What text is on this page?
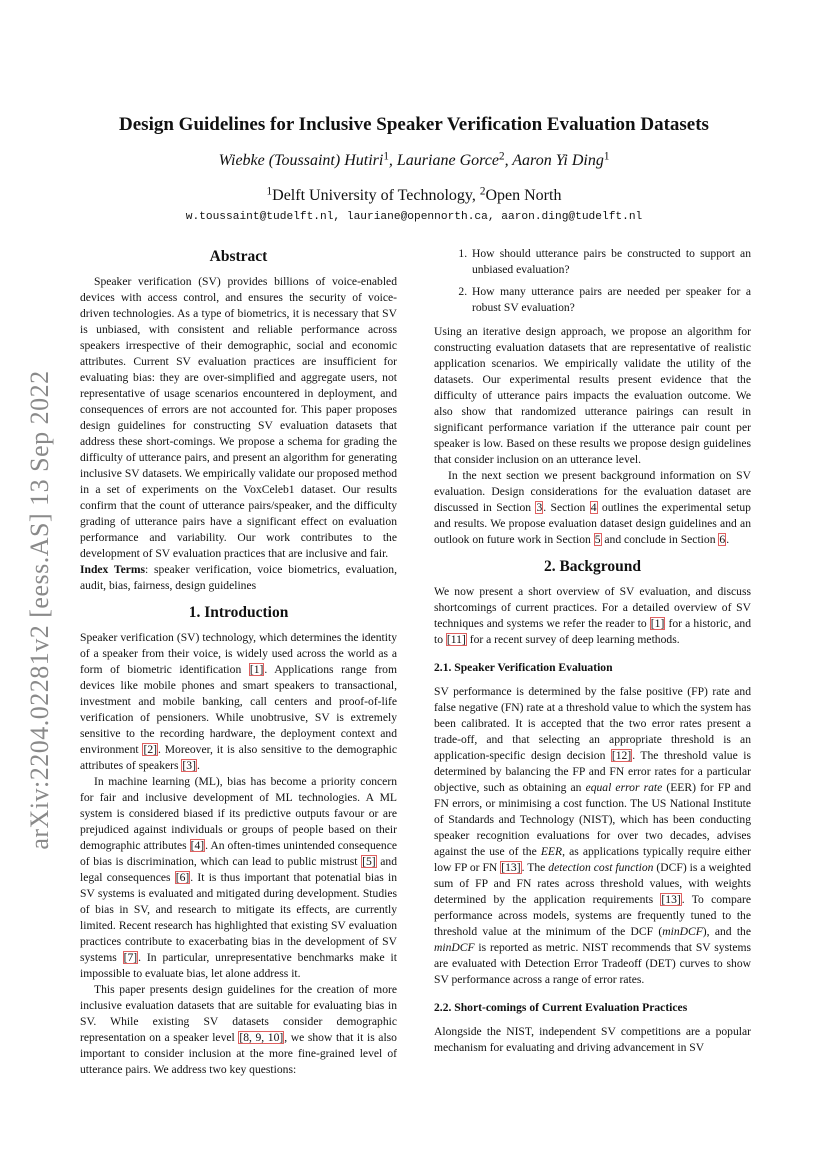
Design Guidelines for Inclusive Speaker Verification Evaluation Datasets
Wiebke (Toussaint) Hutiri$^1$, Lauriane Gorce$^2$, Aaron Yi Ding$^1$
$^1$Delft University of Technology, $^2$Open North
w.toussaint@tudelft.nl, lauriane@opennorth.ca, aaron.ding@tudelft.nl
arXiv:2204.02281v2 [eess.AS] 13 Sep 2022
Abstract

Speaker verification (SV) provides billions of voice-enabled devices with access control, and ensures the security of voice-driven technologies. As a type of biometrics, it is necessary that SV is unbiased, with consistent and reliable performance across speakers irrespective of their demographic, social and economic attributes. Current SV evaluation practices are insufficient for evaluating bias: they are over-simplified and aggregate users, not representative of usage scenarios encountered in deployment, and consequences of errors are not accounted for. This paper proposes design guidelines for constructing SV evaluation datasets that address these short-comings. We propose a schema for grading the difficulty of utterance pairs, and present an algorithm for generating inclusive SV datasets. We empirically validate our proposed method in a set of experiments on the VoxCeleb1 dataset. Our results confirm that the count of utterance pairs/speaker, and the difficulty grading of utterance pairs have a significant effect on evaluation performance and variability. Our work contributes to the development of SV evaluation practices that are inclusive and fair.

Index Terms: speaker verification, voice biometrics, evaluation, audit, bias, fairness, design guidelines

1. Introduction

Speaker verification (SV) technology, which determines the identity of a speaker from their voice, is widely used across the world as a form of biometric identification [1]. Applications range from devices like mobile phones and smart speakers to transactional, investment and mobile banking, call centers and proof-of-life verification of pensioners. While unobtrusive, SV is extremely sensitive to the recording hardware, the deployment context and environment [2]. Moreover, it is also sensitive to the demographic attributes of speakers [3].

In machine learning (ML), bias has become a priority concern for fair and inclusive development of ML technologies. A ML system is considered biased if its predictive outputs favour or are prejudiced against individuals or groups of people based on their demographic attributes [4]. An often-times unintended consequence of bias is discrimination, which can lead to public mistrust [5] and legal consequences [6]. It is thus important that potenatial bias in SV systems is evaluated and mitigated during development. Studies of bias in SV, and research to mitigate its effects, are currently limited. Recent research has highlighted that existing SV evaluation practices contribute to exacerbating bias in the development of SV systems [7]. In particular, unrepresentative benchmarks make it impossible to evaluate bias, let alone address it.

This paper presents design guidelines for the creation of more inclusive evaluation datasets that are suitable for evaluating bias in SV. While existing SV datasets consider demographic representation on a speaker level [8, 9, 10], we show that it is also important to consider inclusion at the more fine-grained level of utterance pairs. We address two key questions:

1. How should utterance pairs be constructed to support an unbiased evaluation?
2. How many utterance pairs are needed per speaker for a robust SV evaluation?

Using an iterative design approach, we propose an algorithm for constructing evaluation datasets that are representative of realistic application scenarios. We empirically validate the utility of the datasets. Our experimental results present evidence that the difficulty of utterance pairs impacts the evaluation outcome. We also show that randomized utterance pairings can result in significant performance variation if the utterance pair count per speaker is low. Based on these results we propose design guidelines that consider inclusion on an utterance level.

In the next section we present background information on SV evaluation. Design considerations for the evaluation dataset are discussed in Section 3. Section 4 outlines the experimental setup and results. We propose evaluation dataset design guidelines and an outlook on future work in Section 5 and conclude in Section 6.

2. Background

We now present a short overview of SV evaluation, and discuss shortcomings of current practices. For a detailed overview of SV techniques and systems we refer the reader to [1] for a historic, and to [11] for a recent survey of deep learning methods.

2.1. Speaker Verification Evaluation

SV performance is determined by the false positive (FP) rate and false negative (FN) rate at a threshold value to which the system has been calibrated. It is accepted that the two error rates present a trade-off, and that selecting an appropriate threshold is an application-specific design decision [12]. The threshold value is determined by balancing the FP and FN error rates for a particular objective, such as obtaining an equal error rate (EER) for FP and FN errors, or minimising a cost function. The US National Institute of Standards and Technology (NIST), which has been conducting speaker recognition evaluations for over two decades, advises against the use of the EER, as applications typically require either low FP or FN [13]. The detection cost function (DCF) is a weighted sum of FP and FN rates across threshold values, with weights determined by the application requirements [13]. To compare performance across models, systems are frequently tuned to the threshold value at the minimum of the DCF (minDCF), and the minDCF is reported as metric. NIST recommends that SV systems are evaluated with Detection Error Tradeoff (DET) curves to show SV performance across a range of error rates.

2.2. Short-comings of Current Evaluation Practices

Alongside the NIST, independent SV competitions are a popular mechanism for evaluating and driving advancement in SV
